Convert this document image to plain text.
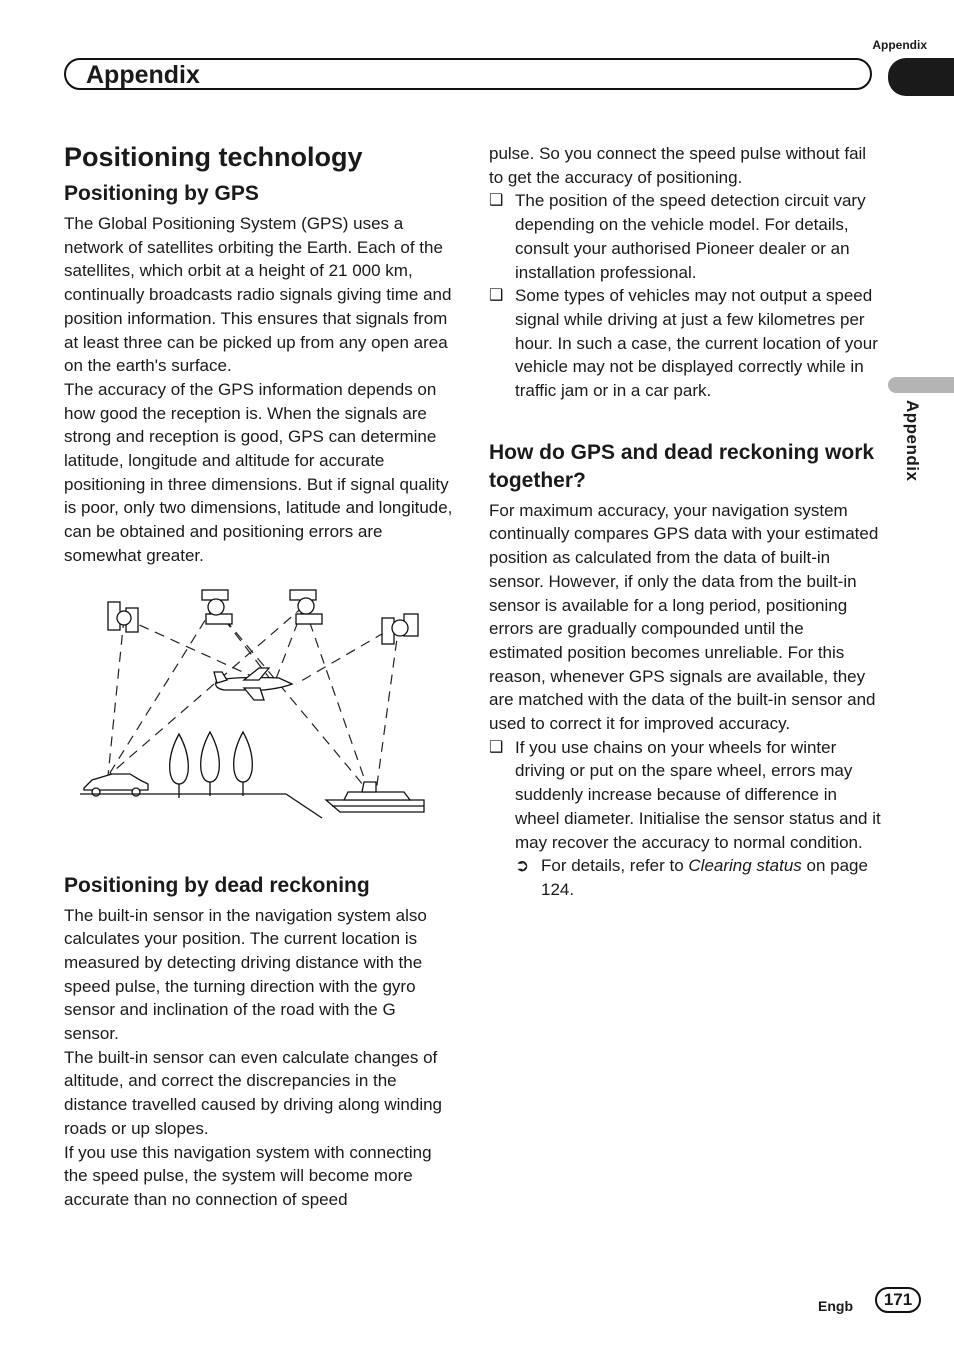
Appendix
Appendix
Appendix
Positioning technology
Positioning by GPS

The Global Positioning System (GPS) uses a network of satellites orbiting the Earth. Each of the satellites, which orbit at a height of 21 000 km, continually broadcasts radio signals giving time and position information. This ensures that signals from at least three can be picked up from any open area on the earth's surface.

The accuracy of the GPS information depends on how good the reception is. When the signals are strong and reception is good, GPS can determine latitude, longitude and altitude for accurate positioning in three dimensions. But if signal quality is poor, only two dimensions, latitude and longitude, can be obtained and positioning errors are somewhat greater.

Positioning by dead reckoning

The built-in sensor in the navigation system also calculates your position. The current location is measured by detecting driving distance with the speed pulse, the turning direction with the gyro sensor and inclination of the road with the G sensor.

The built-in sensor can even calculate changes of altitude, and correct the discrepancies in the distance travelled caused by driving along winding roads or up slopes.

If you use this navigation system with connecting the speed pulse, the system will become more accurate than no connection of speed

pulse. So you connect the speed pulse without fail to get the accuracy of positioning.

❑ The position of the speed detection circuit vary depending on the vehicle model. For details, consult your authorised Pioneer dealer or an installation professional.
❑ Some types of vehicles may not output a speed signal while driving at just a few kilometres per hour. In such a case, the current location of your vehicle may not be displayed correctly while in traffic jam or in a car park.
How do GPS and dead reckoning work together?

For maximum accuracy, your navigation system continually compares GPS data with your estimated position as calculated from the data of built-in sensor. However, if only the data from the built-in sensor is available for a long period, positioning errors are gradually compounded until the estimated position becomes unreliable. For this reason, whenever GPS signals are available, they are matched with the data of the built-in sensor and used to correct it for improved accuracy.

❑ If you use chains on your wheels for winter driving or put on the spare wheel, errors may suddenly increase because of difference in wheel diameter. Initialise the sensor status and it may recover the accuracy to normal condition.
➲ For details, refer to Clearing status on page 124.
Engb	171
